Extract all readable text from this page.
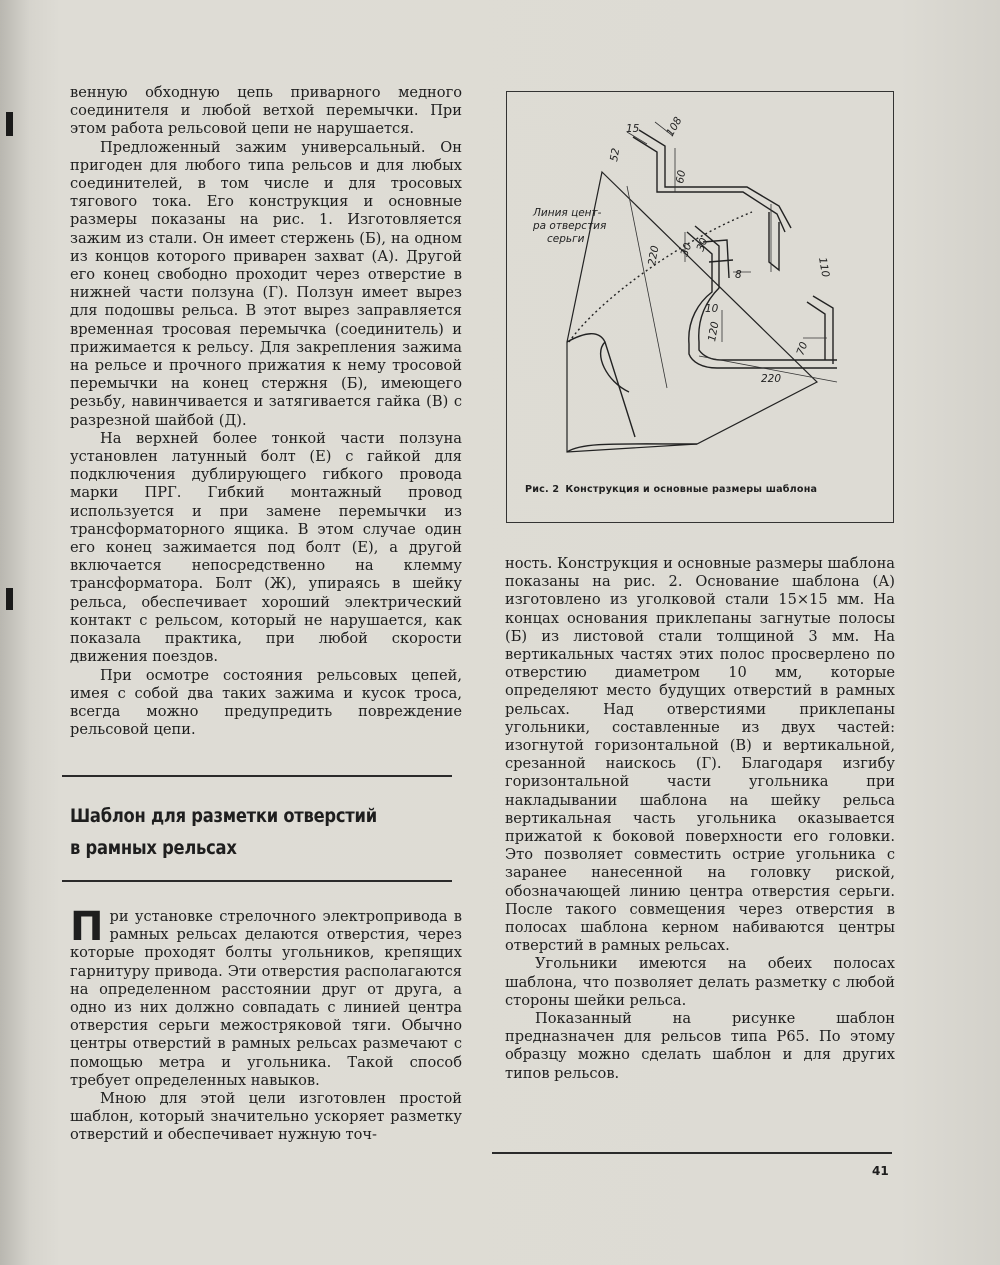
венную обходную цепь приварного медного соединителя и любой ветхой перемычки. При этом работа рельсовой цепи не нарушается.

Предложенный зажим универсальный. Он пригоден для любого типа рельсов и для любых соединителей, в том числе и для тросовых тягового тока. Его конструкция и основные размеры показаны на рис. 1. Изготовляется зажим из стали. Он имеет стержень (Б), на одном из концов которого приварен захват (А). Другой его конец свободно проходит через отверстие в нижней части ползуна (Г). Ползун имеет вырез для подошвы рельса. В этот вырез заправляется временная тросовая перемычка (соединитель) и прижимается к рельсу. Для закрепления зажима на рельсе и прочного прижатия к нему тросовой перемычки на конец стержня (Б), имеющего резьбу, навинчивается и затягивается гайка (В) с разрезной шайбой (Д).

На верхней более тонкой части ползуна установлен латунный болт (Е) с гайкой для подключения дублирующего гибкого провода марки ПРГ. Гибкий монтажный провод используется и при замене перемычки из трансформаторного ящика. В этом случае один его конец зажимается под болт (Е), а другой включается непосредственно на клемму трансформатора. Болт (Ж), упираясь в шейку рельса, обеспечивает хороший электрический контакт с рельсом, который не нарушается, как показала практика, при любой скорости движения поездов.

При осмотре состояния рельсовых цепей, имея с собой два таких зажима и кусок троса, всегда можно предупредить повреждение рельсовой цепи.

Шаблон для разметки отверстий
в рамных рельсах

При установке стрелочного электропривода в рамных рельсах делаются отверстия, через которые проходят болты угольников, крепящих гарнитуру привода. Эти отверстия располагаются на определенном расстоянии друг от друга, а одно из них должно совпадать с линией центра отверстия серьги межостряковой тяги. Обычно центры отверстий в рамных рельсах размечают с помощью метра и угольника. Такой способ требует определенных навыков.

Мною для этой цели изготовлен простой шаблон, который значительно ускоряет разметку отверстий и обеспечивает нужную точ-

15 108
52
60
220 30 30
8
10
120
70
220
110
Линия цент-
ра отверстия
серьги
Рис. 2 Конструкция и основные размеры шаблона

ность. Конструкция и основные размеры шаблона показаны на рис. 2. Основание шаблона (А) изготовлено из уголковой стали 15×15 мм. На концах основания приклепаны загнутые полосы (Б) из листовой стали толщиной 3 мм. На вертикальных частях этих полос просверлено по отверстию диаметром 10 мм, которые определяют место будущих отверстий в рамных рельсах. Над отверстиями приклепаны угольники, составленные из двух частей: изогнутой горизонтальной (В) и вертикальной, срезанной наискось (Г). Благодаря изгибу горизонтальной части угольника при накладывании шаблона на шейку рельса вертикальная часть угольника оказывается прижатой к боковой поверхности его головки. Это позволяет совместить острие угольника с заранее нанесенной на головку риской, обозначающей линию центра отверстия серьги. После такого совмещения через отверстия в полосах шаблона кернoм набиваются центры отверстий в рамных рельсах.

Угольники имеются на обеих полосах шаблона, что позволяет делать разметку с любой стороны шейки рельса.

Показанный на рисунке шаблон предназначен для рельсов типа Р65. По этому образцу можно сделать шаблон и для других типов рельсов.

41
